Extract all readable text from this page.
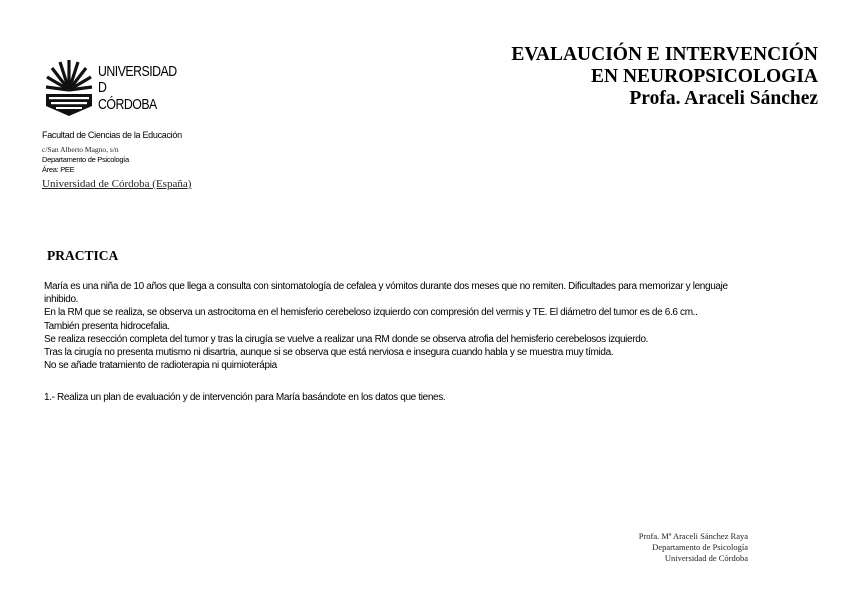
UNIVERSIDAD
D
CÓRDOBA
Facultad de Ciencias de la Educación
c/San Alberto Magno, s/n
Departamento de Psicología
Área: PEE
Universidad de Córdoba (España)
EVALAUCIÓN E INTERVENCIÓN
EN NEUROPSICOLOGIA
Profa. Araceli Sánchez
PRACTICA

María es una niña de 10 años que llega a consulta con sintomatología de cefalea y vómitos durante dos meses que no remiten. Dificultades para memorizar y lenguaje inhibido.

En la RM que se realiza, se observa un astrocitoma en el hemisferio cerebeloso izquierdo con compresión del vermis y TE. El diámetro del tumor es de 6.6 cm..

También presenta hidrocefalia.

Se realiza resección completa del tumor y tras la cirugía se vuelve a realizar una RM donde se observa atrofia del hemisferio cerebelosos izquierdo.

Tras la cirugía no presenta mutismo ni disartria, aunque si se observa que está nerviosa e insegura cuando habla y se muestra muy tímida.

No se añade tratamiento de radioterapia ni quimioterápia

1.- Realiza un plan de evaluación y de intervención para María basándote en los datos que tienes.
Profa. Mª Araceli Sánchez Raya
Departamento de Psicología
Universidad de Córdoba
